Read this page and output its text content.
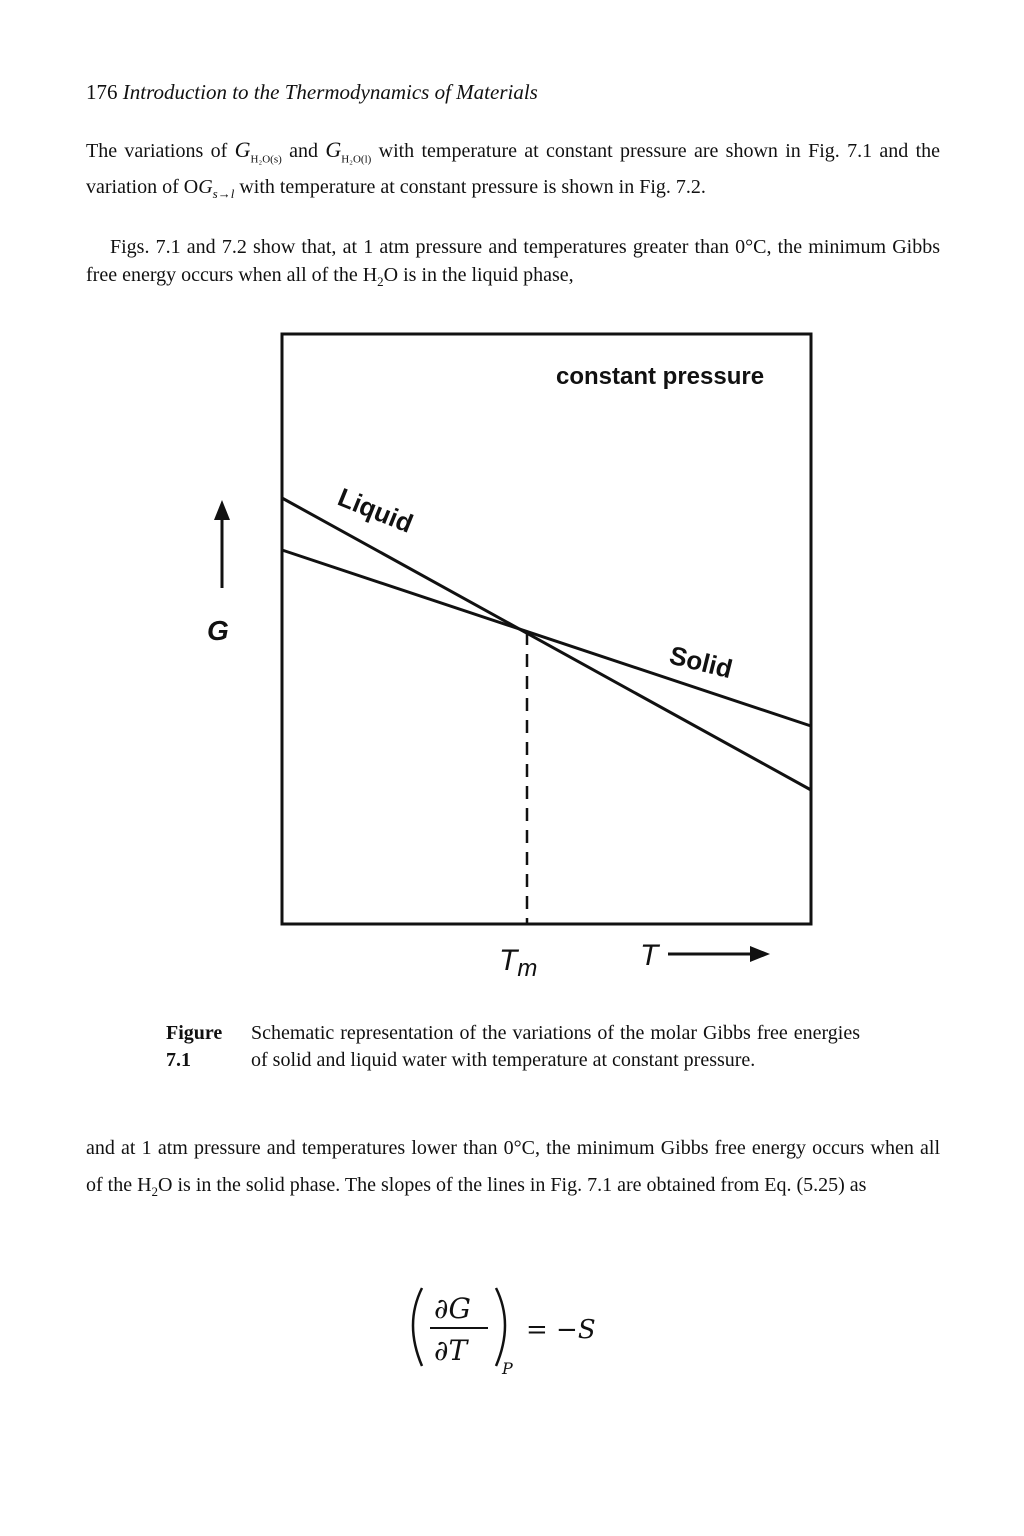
176 Introduction to the Thermodynamics of Materials
The variations of $G_{H_2O(s)}$ and $G_{H_2O(l)}$ with temperature at constant pressure are shown in Fig. 7.1 and the variation of $OG_{s\to l}$ with temperature at constant pressure is shown in Fig. 7.2.
Figs. 7.1 and 7.2 show that, at 1 atm pressure and temperatures greater than 0°C, the minimum Gibbs free energy occurs when all of the $H_2O$ is in the liquid phase,
constant pressure
Liquid
Solid
G
$T_m$	T
Figure 7.1
Schematic representation of the variations of the molar Gibbs free energies of solid and liquid water with temperature at constant pressure.
and at 1 atm pressure and temperatures lower than 0°C, the minimum Gibbs free energy occurs when all of the $H_2O$ is in the solid phase. The slopes of the lines in Fig. 7.1 are obtained from Eq. (5.25) as
∂G
∂T
P
= −S
